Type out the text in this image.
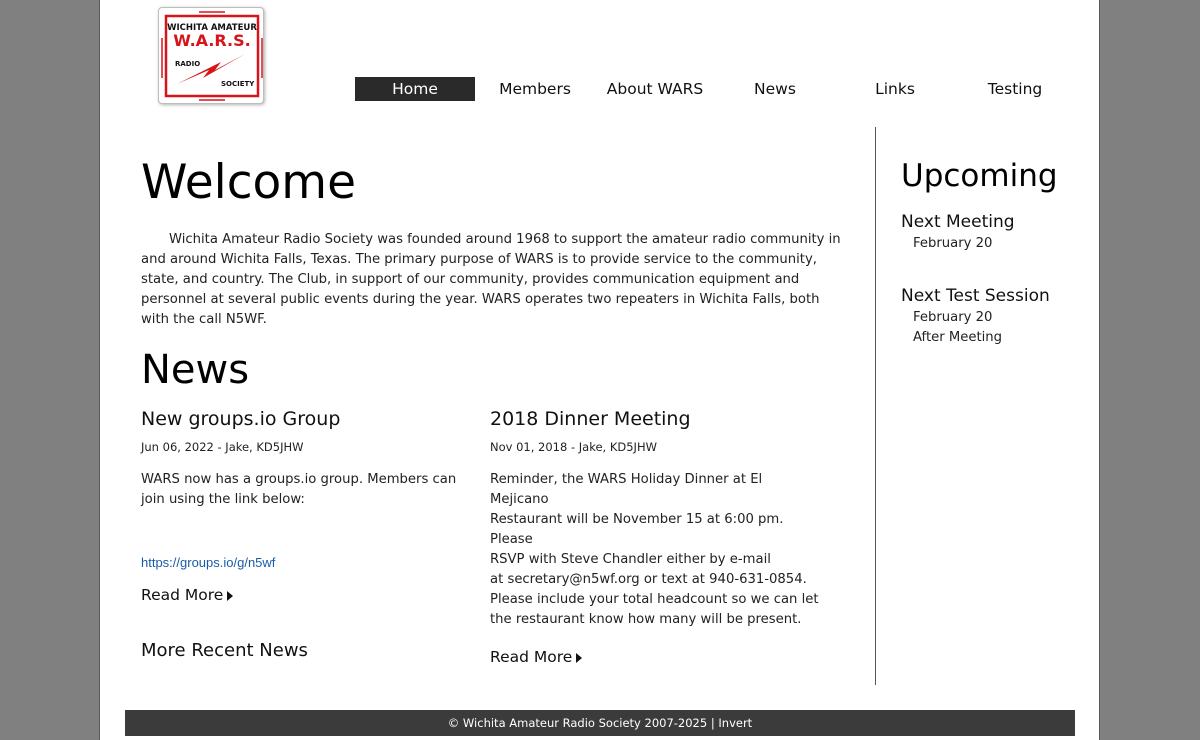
WICHITA AMATEUR
W.A.R.S.
RADIO
SOCIETY	Home	Members	About WARS	News	Links	Testing
Welcome

Wichita Amateur Radio Society was founded around 1968 to support the amateur radio community in and around Wichita Falls, Texas. The primary purpose of WARS is to provide service to the community, state, and country. The Club, in support of our community, provides communication equipment and personnel at several public events during the year. WARS operates two repeaters in Wichita Falls, both with the call N5WF.

News
New groups.io Group
Jun 06, 2022 - Jake, KD5JHW
WARS now has a groups.io group. Members can join using the link below:
https://groups.io/g/n5wf
Read More
2018 Dinner Meeting
Nov 01, 2018 - Jake, KD5JHW
Reminder, the WARS Holiday Dinner at El Mejicano
Restaurant will be November 15 at 6:00 pm. Please
RSVP with Steve Chandler either by e-mail
at secretary@n5wf.org or text at 940-631-0854.
Please include your total headcount so we can let
the restaurant know how many will be present.
Read More
More Recent News
Upcoming
Next Meeting
February 20
Next Test Session
February 20
After Meeting
© Wichita Amateur Radio Society 2007-2025 | Invert
